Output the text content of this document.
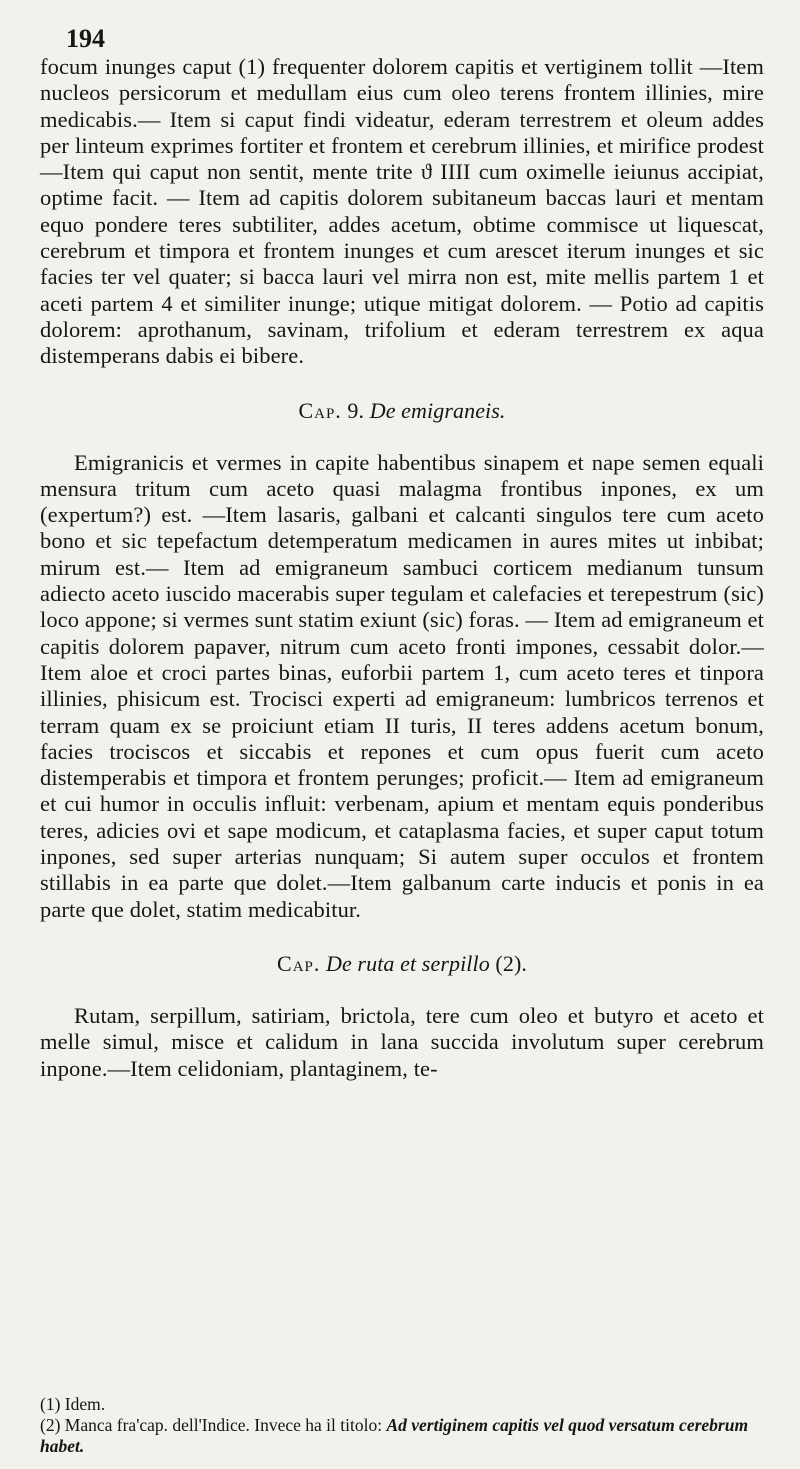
194

focum inunges caput (1) frequenter dolorem capitis et vertiginem tollit —Item nucleos persicorum et medullam eius cum oleo terens frontem illinies, mire medicabis.— Item si caput findi videatur, ederam terrestrem et oleum addes per linteum exprimes fortiter et frontem et cerebrum illinies, et mirifice prodest —Item qui caput non sentit, mente trite ϑ IIII cum oximelle ieiunus accipiat, optime facit. — Item ad capitis dolorem subitaneum baccas lauri et mentam equo pondere teres subtiliter, addes acetum, obtime commisce ut liquescat, cerebrum et timpora et frontem inunges et cum arescet iterum inunges et sic facies ter vel quater; si bacca lauri vel mirra non est, mite mellis partem 1 et aceti partem 4 et similiter inunge; utique mitigat dolorem. — Potio ad capitis dolorem: aprothanum, savinam, trifolium et ederam terrestrem ex aqua distemperans dabis ei bibere.

Cap. 9. De emigraneis.

Emigranicis et vermes in capite habentibus sinapem et nape semen equali mensura tritum cum aceto quasi malagma frontibus inpones, ex um (expertum?) est. —Item lasaris, galbani et calcanti singulos tere cum aceto bono et sic tepefactum detemperatum medicamen in aures mites ut inbibat; mirum est.— Item ad emigraneum sambuci corticem medianum tunsum adiecto aceto iuscido macerabis super tegulam et calefacies et terepestrum (sic) loco appone; si vermes sunt statim exiunt (sic) foras. — Item ad emigraneum et capitis dolorem papaver, nitrum cum aceto fronti impones, cessabit dolor.—Item aloe et croci partes binas, euforbii partem 1, cum aceto teres et tinpora illinies, phisicum est. Trocisci experti ad emigraneum: lumbricos terrenos et terram quam ex se proiciunt etiam II turis, II teres addens acetum bonum, facies trociscos et siccabis et repones et cum opus fuerit cum aceto distemperabis et timpora et frontem perunges; proficit.— Item ad emigraneum et cui humor in occulis influit: verbenam, apium et mentam equis ponderibus teres, adicies ovi et sape modicum, et cataplasma facies, et super caput totum inpones, sed super arterias nunquam; Si autem super occulos et frontem stillabis in ea parte que dolet.—Item galbanum carte inducis et ponis in ea parte que dolet, statim medicabitur.

Cap. De ruta et serpillo (2).

Rutam, serpillum, satiriam, brictola, tere cum oleo et butyro et aceto et melle simul, misce et calidum in lana succida involutum super cerebrum inpone.—Item celidoniam, plantaginem, te-

(1) Idem.

(2) Manca fra'cap. dell'Indice. Invece ha il titolo: Ad vertiginem capitis vel quod versatum cerebrum habet.
